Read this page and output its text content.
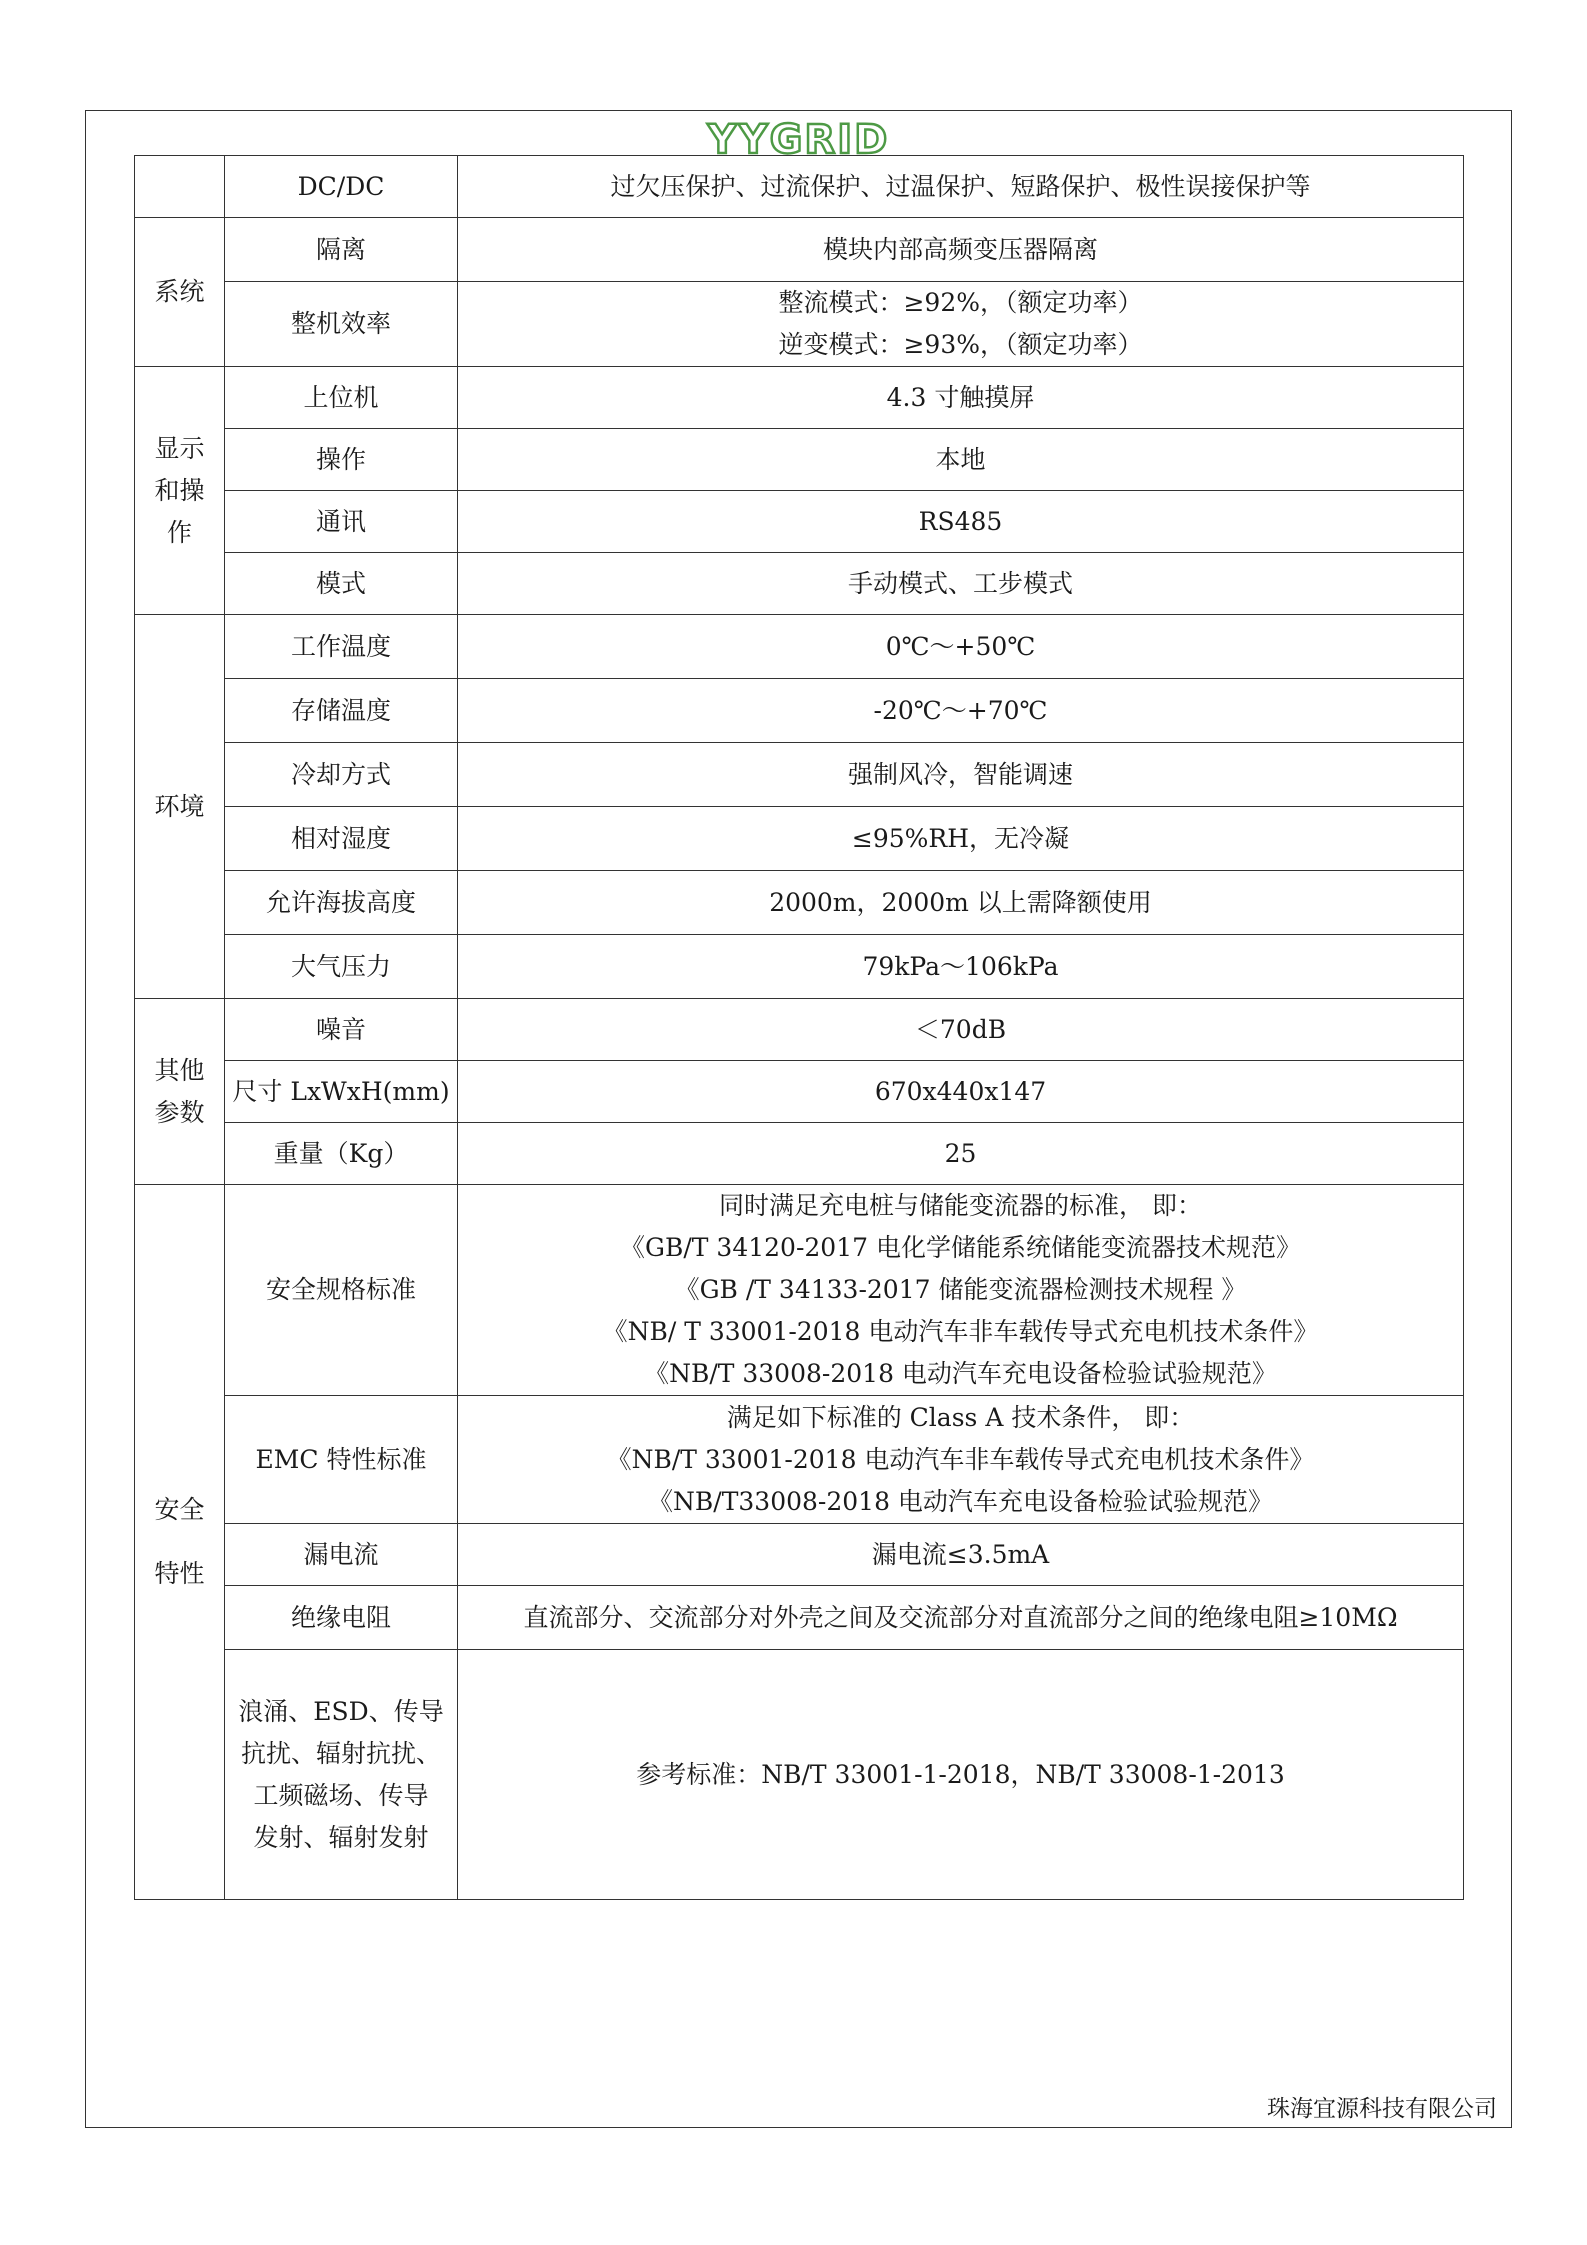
YYGRID
	DC/DC	过欠压保护、过流保护、过温保护、短路保护、极性误接保护等
系统	隔离	模块内部高频变压器隔离
	整机效率	整流模式：≥92%，（额定功率）
逆变模式：≥93%，（额定功率）

显示
和操
作	上位机	4.3 寸触摸屏
	操作	本地
	通讯	RS485
	模式	手动模式、工步模式
环境	工作温度	0℃～+50℃
	存储温度	-20℃～+70℃
	冷却方式	强制风冷，智能调速
	相对湿度	≤95%RH，无冷凝
	允许海拔高度	2000m，2000m 以上需降额使用
	大气压力	79kPa～106kPa

其他
参数	噪音	＜70dB
	尺寸 LxWxH(mm)	670x440x147
	重量（Kg）	25

安全
特性	安全规格标准	同时满足充电桩与储能变流器的标准， 即：
《GB/T 34120-2017 电化学储能系统储能变流器技术规范》
《GB /T 34133-2017 储能变流器检测技术规程 》
《NB/ T 33001-2018 电动汽车非车载传导式充电机技术条件》
《NB/T 33008-2018 电动汽车充电设备检验试验规范》

	EMC 特性标准	满足如下标准的 Class A 技术条件， 即：
《NB/T 33001-2018 电动汽车非车载传导式充电机技术条件》
《NB/T33008-2018 电动汽车充电设备检验试验规范》

	漏电流	漏电流≤3.5mA
	绝缘电阻	直流部分、交流部分对外壳之间及交流部分对直流部分之间的绝缘电阻≥10MΩ

	浪涌、ESD、传导
抗扰、辐射抗扰、
工频磁场、传导
发射、辐射发射	参考标准：NB/T 33001-1-2018，NB/T 33008-1-2013
珠海宜源科技有限公司
